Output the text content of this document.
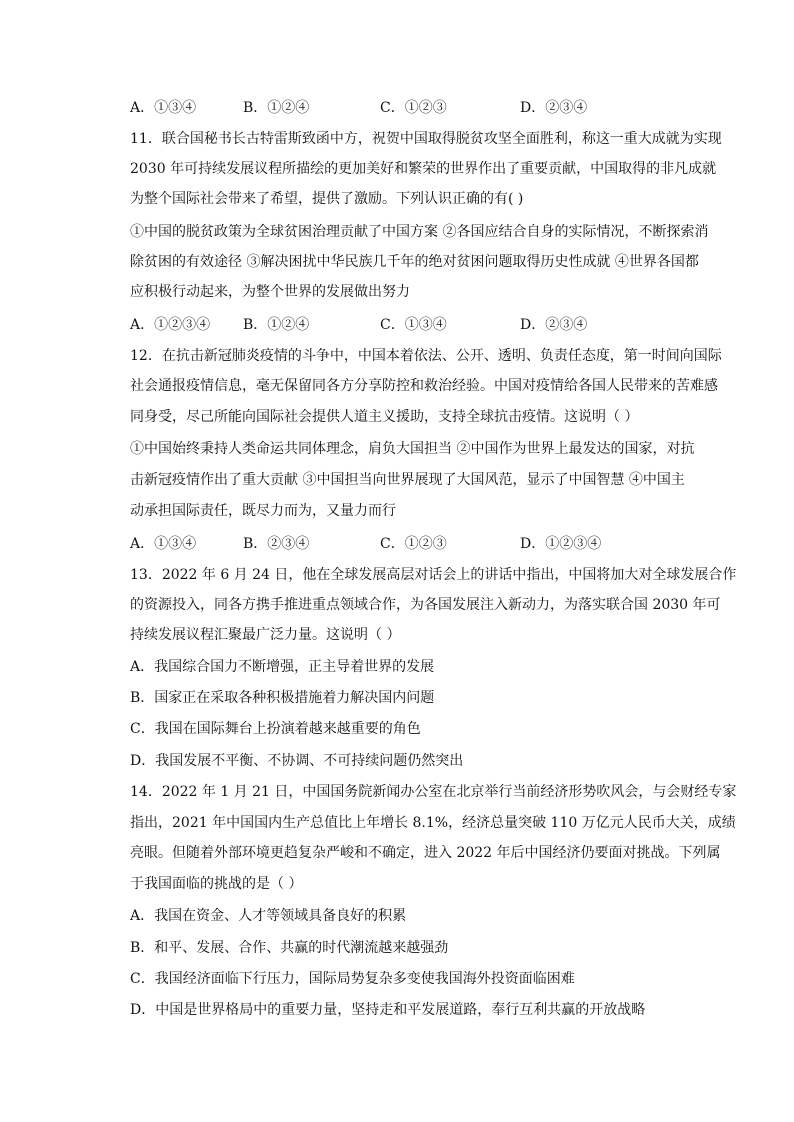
A．①③④	B．①②④	C．①②③	D．②③④
11．联合国秘书长古特雷斯致函中方，祝贺中国取得脱贫攻坚全面胜利，称这一重大成就为实现
2030 年可持续发展议程所描绘的更加美好和繁荣的世界作出了重要贡献，中国取得的非凡成就
为整个国际社会带来了希望，提供了激励。下列认识正确的有( )
①中国的脱贫政策为全球贫困治理贡献了中国方案 ②各国应结合自身的实际情况，不断探索消
除贫困的有效途径 ③解决困扰中华民族几千年的绝对贫困问题取得历史性成就 ④世界各国都
应积极行动起来，为整个世界的发展做出努力
A．①②③④ B．①②④	C．①③④	D．②③④
12．在抗击新冠肺炎疫情的斗争中，中国本着依法、公开、透明、负责任态度，第一时间向国际
社会通报疫情信息，毫无保留同各方分享防控和救治经验。中国对疫情给各国人民带来的苦难感
同身受，尽己所能向国际社会提供人道主义援助，支持全球抗击疫情。这说明（ ）
①中国始终秉持人类命运共同体理念，肩负大国担当 ②中国作为世界上最发达的国家，对抗
击新冠疫情作出了重大贡献 ③中国担当向世界展现了大国风范，显示了中国智慧 ④中国主
动承担国际责任，既尽力而为，又量力而行
A．①③④	B．②③④	C．①②③	D．①②③④
13．2022 年 6 月 24 日，他在全球发展高层对话会上的讲话中指出，中国将加大对全球发展合作
的资源投入，同各方携手推进重点领域合作，为各国发展注入新动力，为落实联合国 2030 年可
持续发展议程汇聚最广泛力量。这说明（ ）
A．我国综合国力不断增强，正主导着世界的发展
B．国家正在采取各种积极措施着力解决国内问题
C．我国在国际舞台上扮演着越来越重要的角色
D．我国发展不平衡、不协调、不可持续问题仍然突出
14．2022 年 1 月 21 日，中国国务院新闻办公室在北京举行当前经济形势吹风会，与会财经专家
指出，2021 年中国国内生产总值比上年增长 8.1%，经济总量突破 110 万亿元人民币大关，成绩
亮眼。但随着外部环境更趋复杂严峻和不确定，进入 2022 年后中国经济仍要面对挑战。下列属
于我国面临的挑战的是（ ）
A．我国在资金、人才等领域具备良好的积累
B．和平、发展、合作、共赢的时代潮流越来越强劲
C．我国经济面临下行压力，国际局势复杂多变使我国海外投资面临困难
D．中国是世界格局中的重要力量，坚持走和平发展道路，奉行互利共赢的开放战略
